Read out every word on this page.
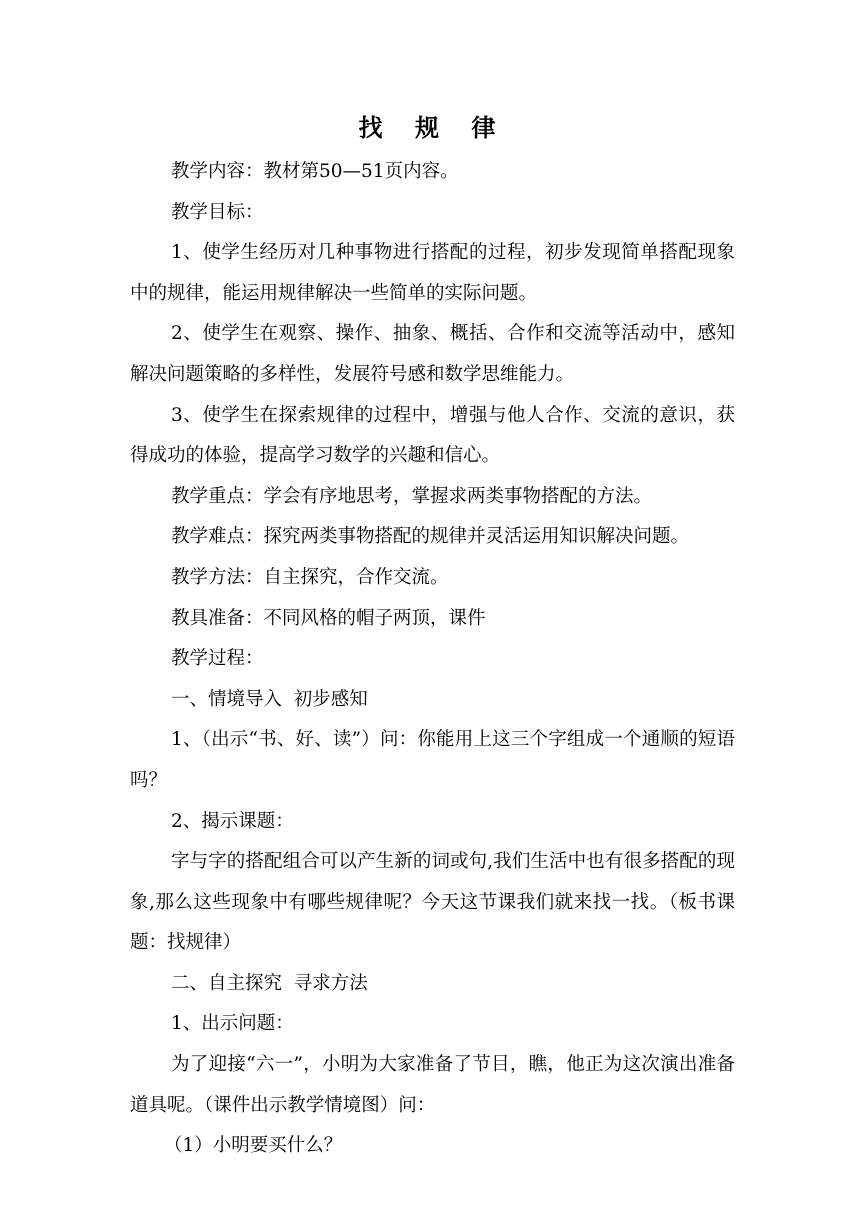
找 规 律

教学内容：教材第50—51页内容。

教学目标：

1、使学生经历对几种事物进行搭配的过程，初步发现简单搭配现象中的规律，能运用规律解决一些简单的实际问题。

2、使学生在观察、操作、抽象、概括、合作和交流等活动中，感知解决问题策略的多样性，发展符号感和数学思维能力。

3、使学生在探索规律的过程中，增强与他人合作、交流的意识，获得成功的体验，提高学习数学的兴趣和信心。

教学重点：学会有序地思考，掌握求两类事物搭配的方法。

教学难点：探究两类事物搭配的规律并灵活运用知识解决问题。

教学方法：自主探究，合作交流。

教具准备：不同风格的帽子两顶，课件

教学过程：

一、情境导入  初步感知

1、（出示“书、好、读”）问：你能用上这三个字组成一个通顺的短语吗？

2、揭示课题：

字与字的搭配组合可以产生新的词或句,我们生活中也有很多搭配的现象,那么这些现象中有哪些规律呢？今天这节课我们就来找一找。（板书课题：找规律）

二、自主探究  寻求方法

1、出示问题：

为了迎接“六一”，小明为大家准备了节目，瞧，他正为这次演出准备道具呢。（课件出示教学情境图）问：

（1）小明要买什么？
